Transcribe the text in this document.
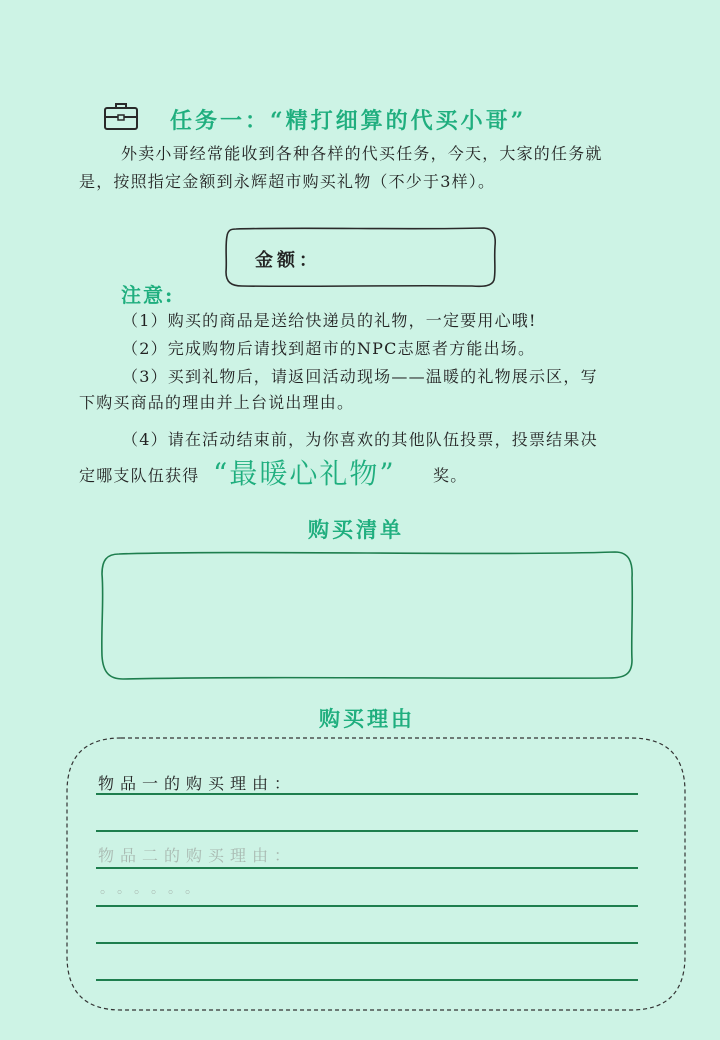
任务一：“精打细算的代买小哥”
外卖小哥经常能收到各种各样的代买任务，今天，大家的任务就
是，按照指定金额到永辉超市购买礼物（不少于3样）。
金额：
注意:
（1）购买的商品是送给快递员的礼物，一定要用心哦!
（2）完成购物后请找到超市的NPC志愿者方能出场。
（3）买到礼物后，请返回活动现场——温暖的礼物展示区，写
下购买商品的理由并上台说出理由。
（4）请在活动结束前，为你喜欢的其他队伍投票，投票结果决
定哪支队伍获得 “最暖心礼物” 奖。
购买清单
购买理由
物品一的购买理由：
物品二的购买理由：
。。。。。。
